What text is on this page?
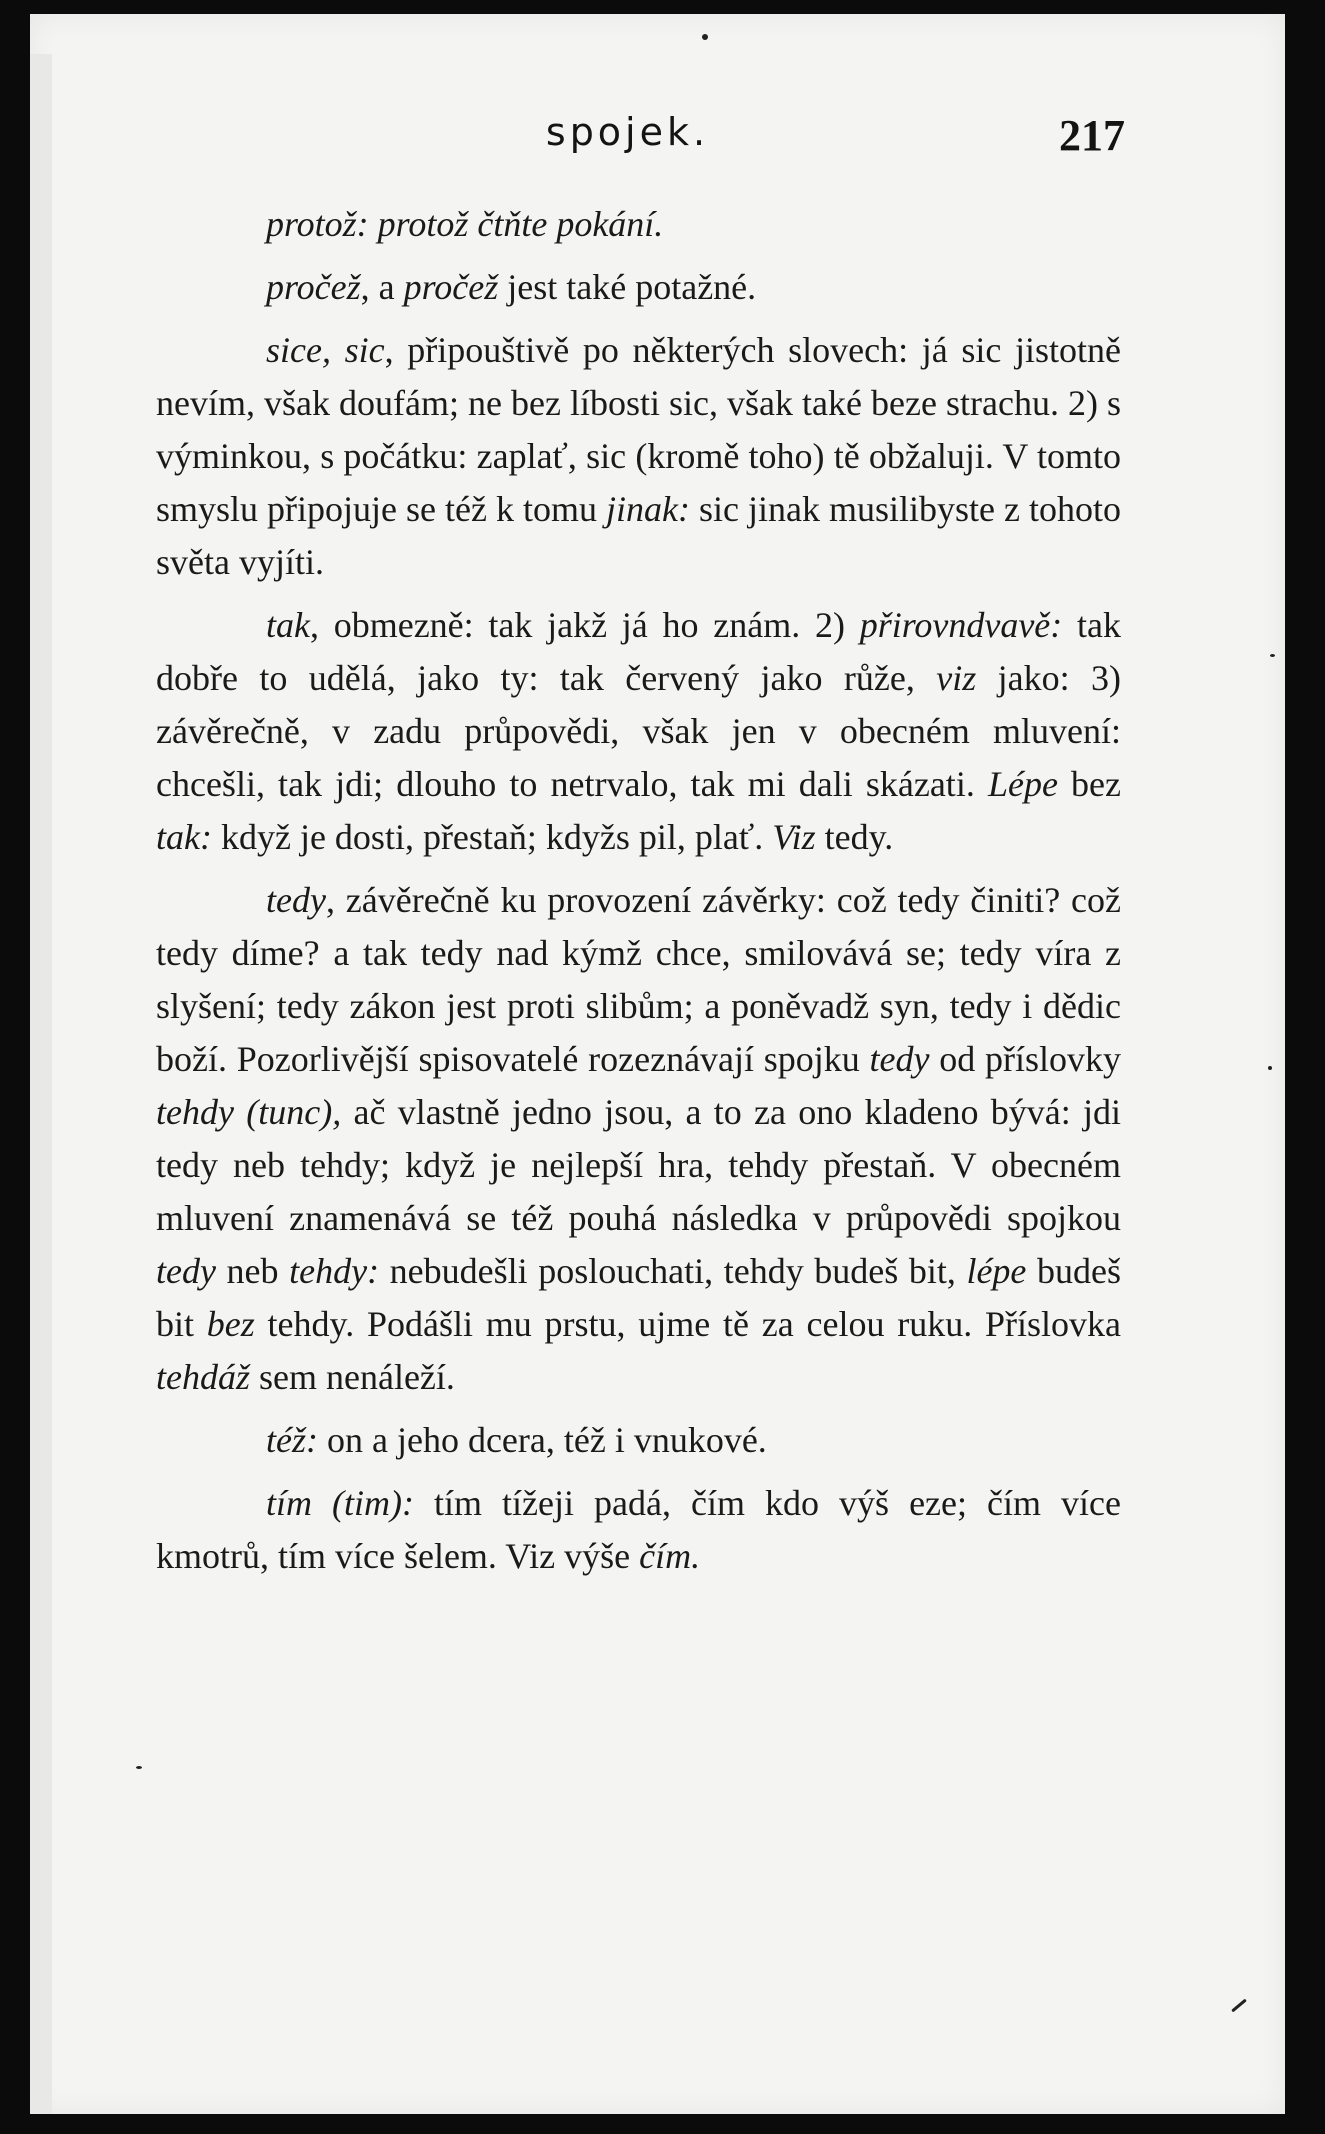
spojek.	217

protož: protož čtňte pokání.

pročež, a pročež jest také potažné.

sice, sic, připouštivě po některých slovech: já sic jistotně nevím, však doufám; ne bez líbosti sic, však také beze strachu. 2) s výminkou, s počátku: zaplať, sic (kromě toho) tě obžaluji. V tomto smyslu připojuje se též k tomu jinak: sic jinak musilibyste z tohoto světa vyjíti.

tak, obmezně: tak jakž já ho znám. 2) přirovndvavě: tak dobře to udělá, jako ty: tak červený jako růže, viz jako: 3) závěrečně, v zadu průpovědi, však jen v obecném mluvení: chcešli, tak jdi; dlouho to netrvalo, tak mi dali skázati. Lépe bez tak: když je dosti, přestaň; kdyžs pil, plať. Viz tedy.

tedy, závěrečně ku provození závěrky: což tedy činiti? což tedy díme? a tak tedy nad kýmž chce, smilovává se; tedy víra z slyšení; tedy zákon jest proti slibům; a poněvadž syn, tedy i dědic boží. Pozorlivější spisovatelé rozeznávají spojku tedy od příslovky tehdy (tunc), ač vlastně jedno jsou, a to za ono kladeno bývá: jdi tedy neb tehdy; když je nejlepší hra, tehdy přestaň. V obecném mluvení znamenává se též pouhá následka v průpovědi spojkou tedy neb tehdy: nebudešli poslouchati, tehdy budeš bit, lépe budeš bit bez tehdy. Podášli mu prstu, ujme tě za celou ruku. Příslovka tehdáž sem nenáleží.

též: on a jeho dcera, též i vnukové.

tím (tim): tím tížeji padá, čím kdo výš eze; čím více kmotrů, tím více šelem. Viz výše čím.
